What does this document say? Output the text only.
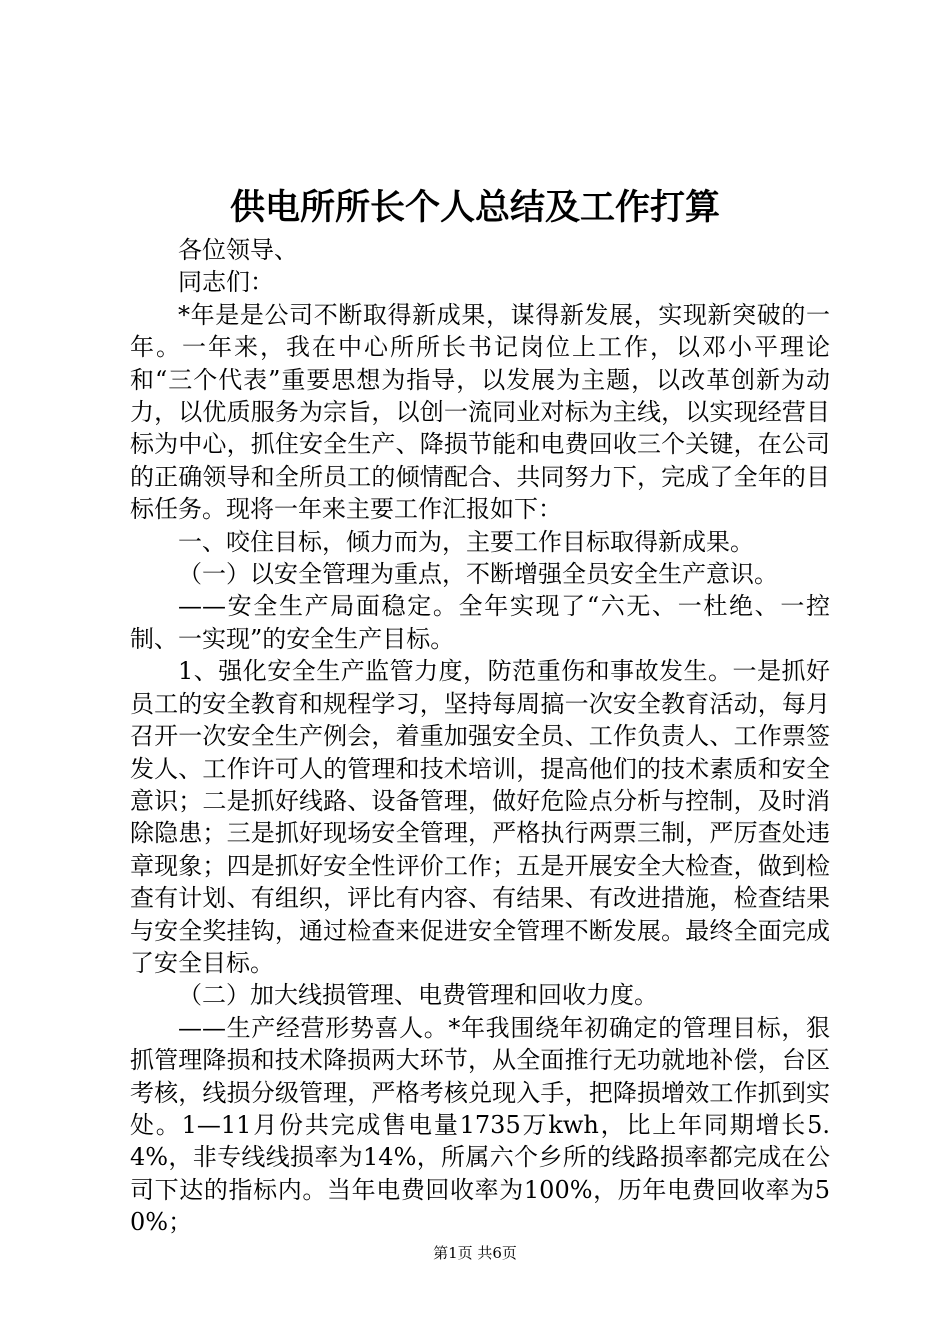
供电所所长个人总结及工作打算

各位领导、

同志们：

*年是是公司不断取得新成果，谋得新发展，实现新突破的一年。一年来，我在中心所所长书记岗位上工作，以邓小平理论和“三个代表”重要思想为指导，以发展为主题，以改革创新为动力，以优质服务为宗旨，以创一流同业对标为主线，以实现经营目标为中心，抓住安全生产、降损节能和电费回收三个关键，在公司的正确领导和全所员工的倾情配合、共同努力下，完成了全年的目标任务。现将一年来主要工作汇报如下：

一、咬住目标，倾力而为，主要工作目标取得新成果。

（一）以安全管理为重点，不断增强全员安全生产意识。

——安全生产局面稳定。全年实现了“六无、一杜绝、一控制、一实现”的安全生产目标。

1、强化安全生产监管力度，防范重伤和事故发生。一是抓好员工的安全教育和规程学习，坚持每周搞一次安全教育活动，每月召开一次安全生产例会，着重加强安全员、工作负责人、工作票签发人、工作许可人的管理和技术培训，提高他们的技术素质和安全意识；二是抓好线路、设备管理，做好危险点分析与控制，及时消除隐患；三是抓好现场安全管理，严格执行两票三制，严厉查处违章现象；四是抓好安全性评价工作；五是开展安全大检查，做到检查有计划、有组织，评比有内容、有结果、有改进措施，检查结果与安全奖挂钩，通过检查来促进安全管理不断发展。最终全面完成了安全目标。

（二）加大线损管理、电费管理和回收力度。

——生产经营形势喜人。*年我围绕年初确定的管理目标，狠抓管理降损和技术降损两大环节，从全面推行无功就地补偿，台区考核，线损分级管理，严格考核兑现入手，把降损增效工作抓到实处。1—11月份共完成售电量1735万kwh，比上年同期增长5.4%，非专线线损率为14%，所属六个乡所的线路损率都完成在公司下达的指标内。当年电费回收率为100%，历年电费回收率为50%；

第1页 共6页
